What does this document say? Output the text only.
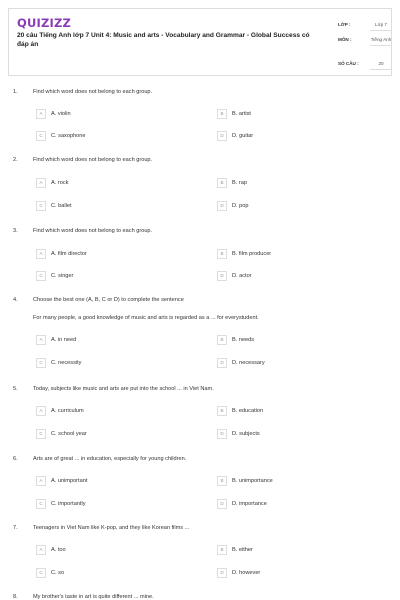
QUIZIZZ
20 câu Tiếng Anh lớp 7 Unit 4: Music and arts - Vocabulary and Grammar - Global Success có đáp án
LỚP :	Lớp 7
MÔN :	Tiếng Anh
SỐ CÂU :	20
1.	Find which word does not belong to each group.
A	A. violin	B	B. artist
C	C. saxophone	D	D. guitar
2.	Find which word does not belong to each group.
A	A. rock	B	B. rap
C	C. ballet	D	D. pop
3.	Find which word does not belong to each group.
A	A. film director	B	B. film producer
C	C. singer	D	D. actor
4.	Choose the best one (A, B, C or D) to complete the sentence
For many people, a good knowledge of music and arts is regarded as a ... for everystudent.
A	A. in need	B	B. needs
C	C. necessity	D	D. necessary
5.	Today, subjects like music and arts are put into the school ... in Viet Nam.
A	A. curriculum	B	B. education
C	C. school year	D	D. subjects
6.	Arts are of great ... in education, especially for young children.
A	A. unimportant	B	B. unimportance
C	C. importantly	D	D. importance
7.	Teenagers in Viet Nam like K-pop, and they like Korean films ...
A	A. too	B	B. either
C	C. so	D	D. however
8.	My brother's taste in art is quite different ... mine.
